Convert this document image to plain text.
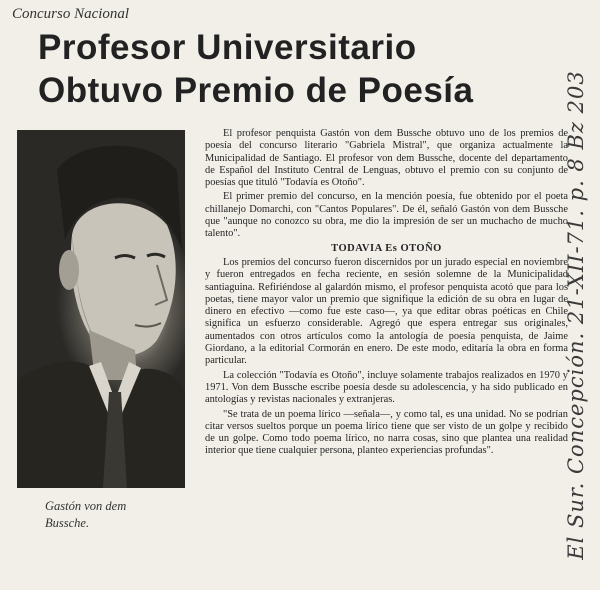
Concurso Nacional
Profesor Universitario
Obtuvo Premio de Poesía
Gastón von dem
Bussche.

El profesor penquista Gastón von dem Bussche obtuvo uno de los premios de poesía del concurso literario "Gabriela Mistral", que organiza actualmente la Municipalidad de Santiago. El profesor von dem Bussche, docente del departamento de Español del Instituto Central de Lenguas, obtuvo el premio con su conjunto de poesías que tituló "Todavía es Otoño".

El primer premio del concurso, en la mención poesía, fue obtenido por el poeta chillanejo Domarchi, con "Cantos Populares". De él, señaló Gastón von dem Bussche que "aunque no conozco su obra, me dio la impresión de ser un muchacho de mucho talento".

TODAVIA Es OTOÑO

Los premios del concurso fueron discernidos por un jurado especial en noviembre y fueron entregados en fecha reciente, en sesión solemne de la Municipalidad santiaguina. Refiriéndose al galardón mismo, el profesor penquista acotó que para los poetas, tiene mayor valor un premio que signifique la edición de su obra en lugar de dinero en efectivo —como fue este caso—, ya que editar obras poéticas en Chile significa un esfuerzo considerable. Agregó que espera entregar sus originales, aumentados con otros artículos como la antología de poesía penquista, de Jaime Giordano, a la editorial Cormorán en enero. De este modo, editaría la obra en forma particular.

La colección "Todavía es Otoño", incluye solamente trabajos realizados en 1970 y 1971. Von dem Bussche escribe poesía desde su adolescencia, y ha sido publicado en antologías y revistas nacionales y extranjeras.

"Se trata de un poema lírico —señala—, y como tal, es una unidad. No se podrían citar versos sueltos porque un poema lírico tiene que ser visto de un golpe y recibido de un golpe. Como todo poema lírico, no narra cosas, sino que plantea una realidad interior que tiene cualquier persona, planteo experiencias profundas".	El Sur. Concepción. 21-XII-71. p. 8 Bz 203
